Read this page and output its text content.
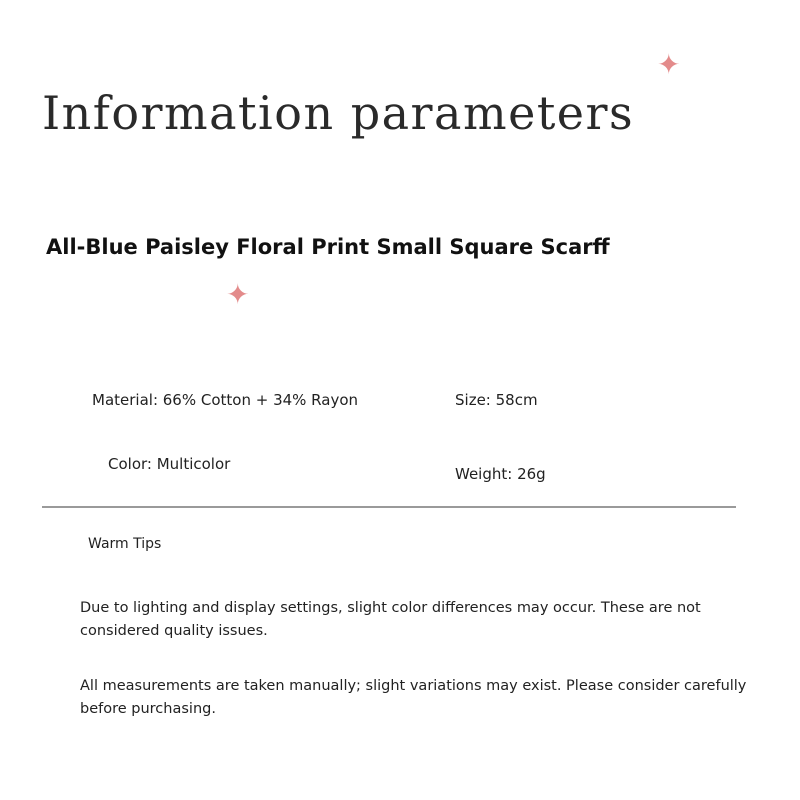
Information parameters
✦
All-Blue Paisley Floral Print Small Square Scarff
✦
Material: 66% Cotton + 34% Rayon	Size: 58cm
Color: Multicolor
Weight: 26g
Warm Tips
Due to lighting and display settings, slight color differences may occur. These are not considered quality issues.
All measurements are taken manually; slight variations may exist. Please consider carefully before purchasing.
